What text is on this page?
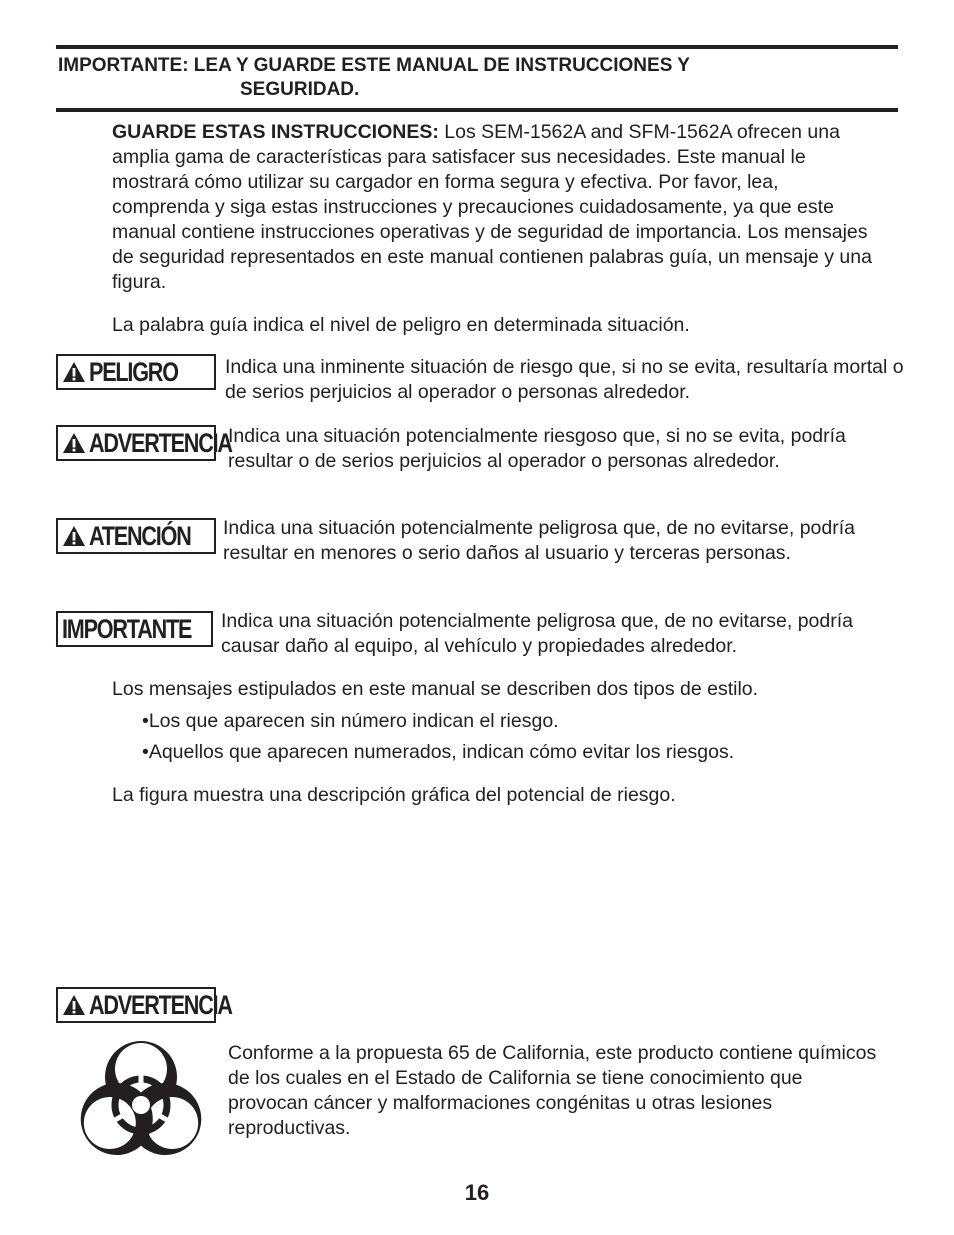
IMPORTANTE: LEA Y GUARDE ESTE MANUAL DE INSTRUCCIONES Y
SEGURIDAD.
GUARDE ESTAS INSTRUCCIONES: Los SEM-1562A and SFM-1562A ofrecen una amplia gama de características para satisfacer sus necesidades. Este manual le mostrará cómo utilizar su cargador en forma segura y efectiva. Por favor, lea, comprenda y siga estas instrucciones y precauciones cuidadosamente, ya que este manual contiene instrucciones operativas y de seguridad de importancia. Los mensajes de seguridad representados en este manual contienen palabras guía, un mensaje y una figura.
La palabra guía indica el nivel de peligro en determinada situación.
PELIGRO Indica una inminente situación de riesgo que, si no se evita, resultaría mortal o de serios perjuicios al operador o personas alrededor.
ADVERTENCIA
Indica una situación potencialmente riesgoso que, si no se evita, podría resultar o de serios perjuicios al operador o personas alrededor.
ATENCIÓN Indica una situación potencialmente peligrosa que, de no evitarse, podría resultar en menores o serio daños al usuario y terceras personas.
IMPORTANTE Indica una situación potencialmente peligrosa que, de no evitarse, podría causar daño al equipo, al vehículo y propiedades alrededor.
Los mensajes estipulados en este manual se describen dos tipos de estilo.
•Los que aparecen sin número indican el riesgo.
•Aquellos que aparecen numerados, indican cómo evitar los riesgos.
La figura muestra una descripción gráfica del potencial de riesgo.
ADVERTENCIA
Conforme a la propuesta 65 de California, este producto contiene químicos de los cuales en el Estado de California se tiene conocimiento que provocan cáncer y malformaciones congénitas u otras lesiones reproductivas.
16
